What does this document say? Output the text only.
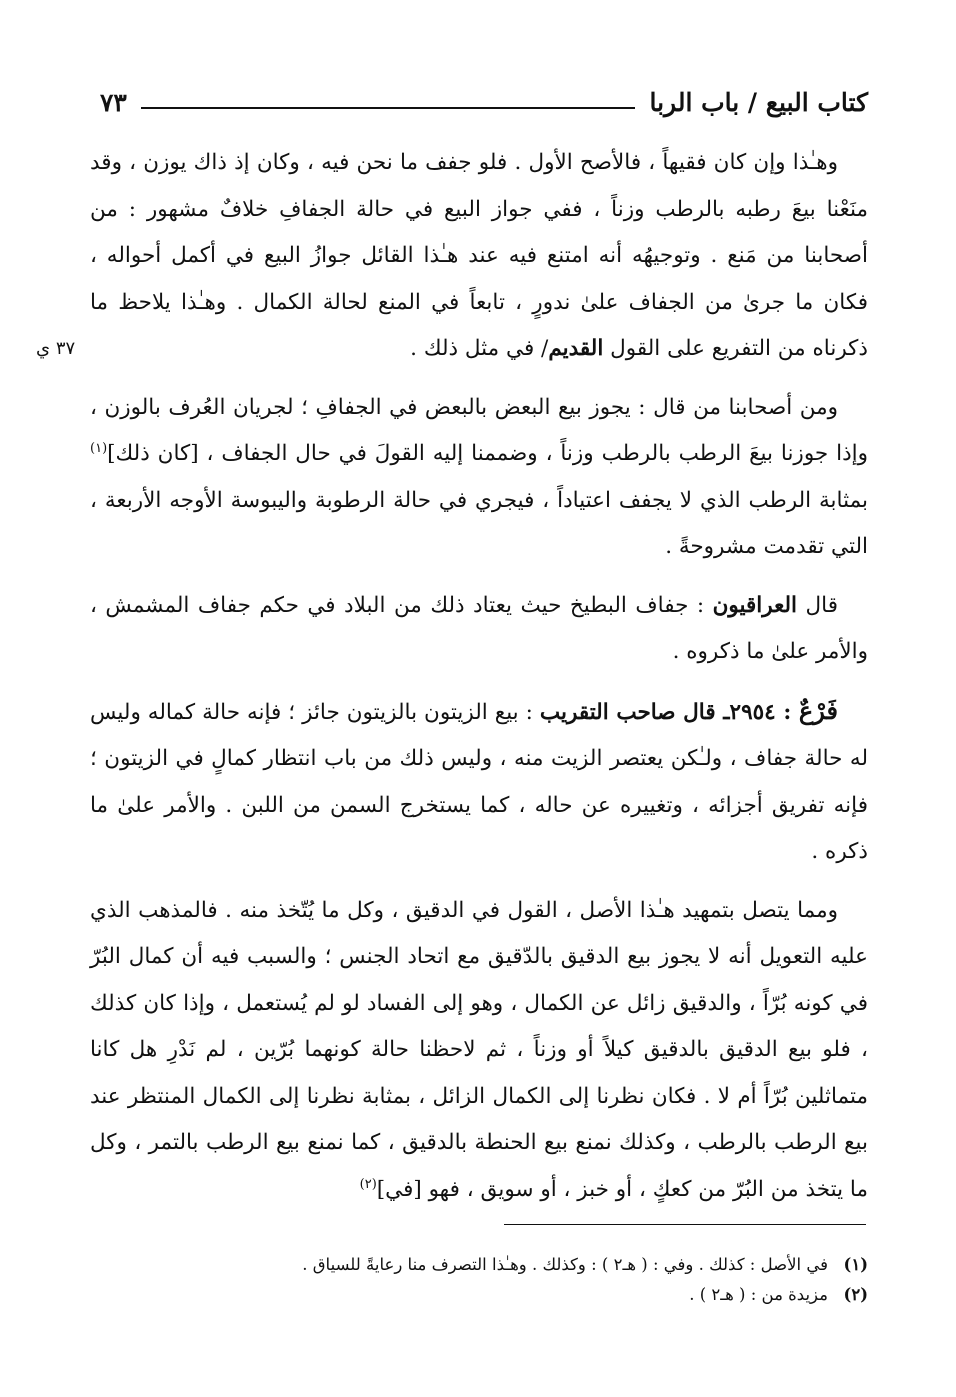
كتاب البيع / باب الربا
٧٣
٣٧ ي

وهـٰذا وإن كان فقيهاً ، فالأصح الأول . فلو جفف ما نحن فيه ، وكان إذ ذاك يوزن ، وقد منَعْنا بيعَ رطبه بالرطب وزناً ، ففي جواز البيع في حالة الجفافِ خلافٌ مشهور : من أصحابنا من مَنع . وتوجيهُه أنه امتنع فيه عند هـٰذا القائل جوازُ البيع في أكمل أحواله ، فكان ما جرىٰ من الجفاف علىٰ ندورٍ ، تابعاً في المنع لحالة الكمال . وهـٰذا يلاحظ ما ذكرناه من التفريع على القول القديم/ في مثل ذلك .

ومن أصحابنا من قال : يجوز بيع البعض بالبعض في الجفافِ ؛ لجريان العُرف بالوزن ، وإذا جوزنا بيعَ الرطب بالرطب وزناً ، وضممنا إليه القولَ في حال الجفاف ، [كان ذلك]$^{(١)}$ بمثابة الرطب الذي لا يجفف اعتياداً ، فيجري في حالة الرطوبة واليبوسة الأوجه الأربعة ، التي تقدمت مشروحةً .

قال العراقيون : جفاف البطيخ حيث يعتاد ذلك من البلاد في حكم جفاف المشمش ، والأمر علىٰ ما ذكروه .

فَرْعٌ : ٢٩٥٤ـ قال صاحب التقريب : بيع الزيتون بالزيتون جائز ؛ فإنه حالة كماله وليس له حالة جفاف ، ولـٰكن يعتصر الزيت منه ، وليس ذلك من باب انتظار كمالٍ في الزيتون ؛ فإنه تفريق أجزائه ، وتغييره عن حاله ، كما يستخرج السمن من اللبن . والأمر علىٰ ما ذكره .

ومما يتصل بتمهيد هـٰذا الأصل ، القول في الدقيق ، وكل ما يُتّخذ منه . فالمذهب الذي عليه التعويل أنه لا يجوز بيع الدقيق بالدّقيق مع اتحاد الجنس ؛ والسبب فيه أن كمال البُرّ في كونه بُرّاً ، والدقيق زائل عن الكمال ، وهو إلى الفساد لو لم يُستعمل ، وإذا كان كذلك ، فلو بيع الدقيق بالدقيق كيلاً أو وزناً ، ثم لاحظنا حالة كونهما بُرّين ، لم نَدْرِ هل كانا متماثلين بُرّاً أم لا . فكان نظرنا إلى الكمال الزائل ، بمثابة نظرنا إلى الكمال المنتظر عند بيع الرطب بالرطب ، وكذلك نمنع بيع الحنطة بالدقيق ، كما نمنع بيع الرطب بالتمر ، وكل ما يتخذ من البُرّ من كعكٍ ، أو خبز ، أو سويق ، فهو [في]$^{(٢)}$

(١)
في الأصل : كذلك . وفي : ( هـ٢ ) : وكذلك . وهـٰذا التصرف منا رعايةً للسياق .
(٢)
مزيدة من : ( هـ٢ ) .
